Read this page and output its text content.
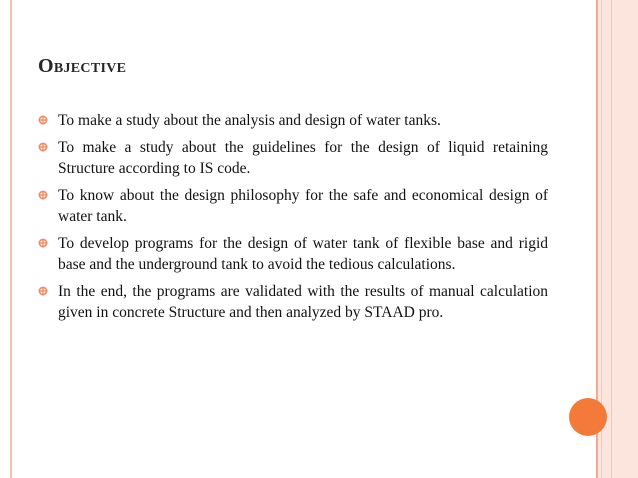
Objective
To make a study about the analysis and design of water tanks.
To make a study about the guidelines for the design of liquid retaining Structure according to IS code.
To know about the design philosophy for the safe and economical design of water tank.
To develop programs for the design of water tank of flexible base and rigid base and the underground tank to avoid the tedious calculations.
In the end, the programs are validated with the results of manual calculation given in concrete Structure and then analyzed by STAAD pro.
